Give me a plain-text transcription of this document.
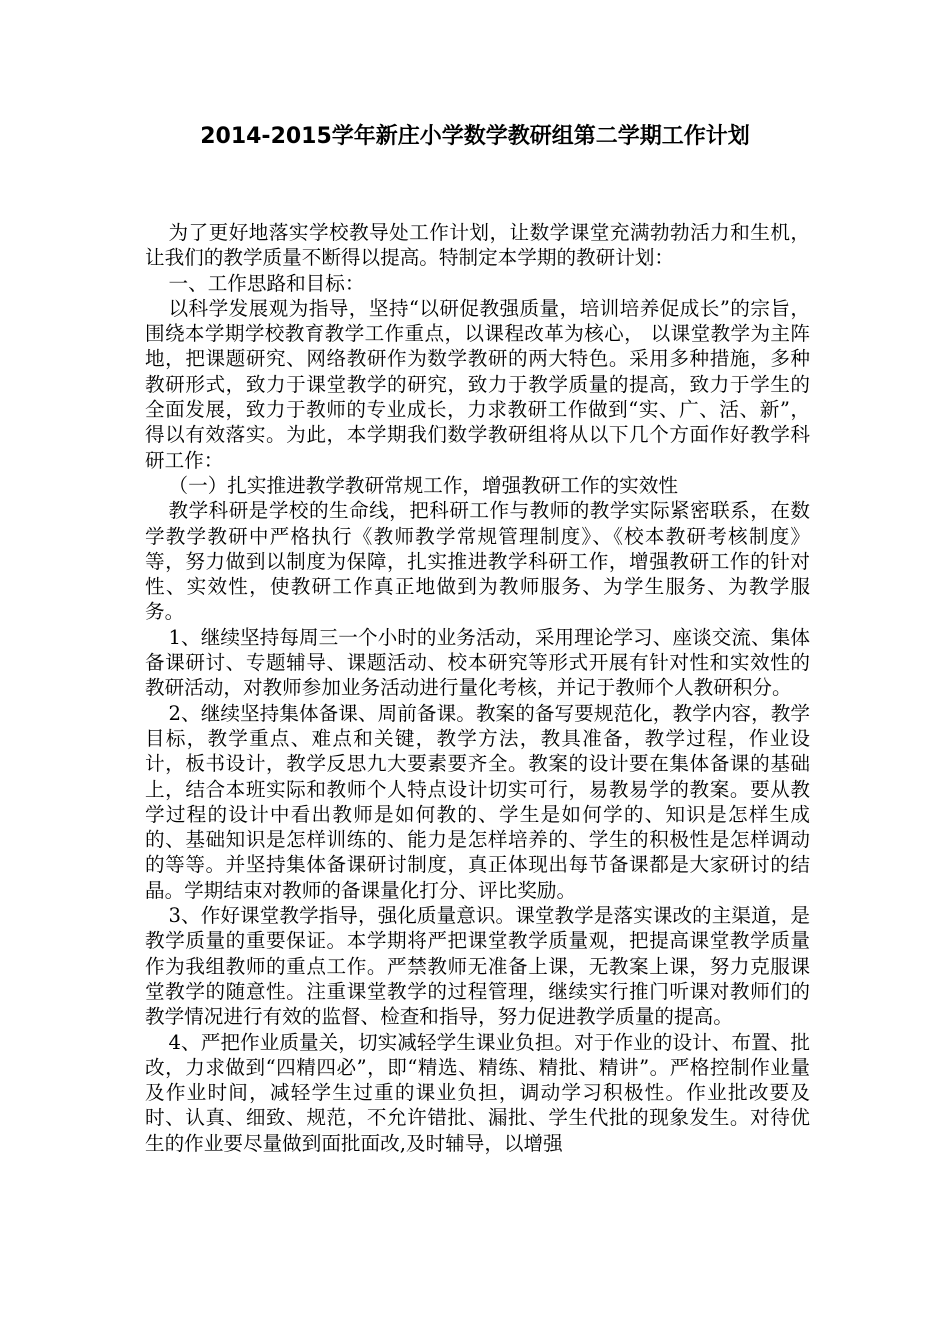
2014-2015学年新庄小学数学教研组第二学期工作计划

为了更好地落实学校教导处工作计划，让数学课堂充满勃勃活力和生机，让我们的教学质量不断得以提高。特制定本学期的教研计划：

一、工作思路和目标：

以科学发展观为指导，坚持“以研促教强质量，培训培养促成长”的宗旨，围绕本学期学校教育教学工作重点，以课程改革为核心， 以课堂教学为主阵地，把课题研究、网络教研作为数学教研的两大特色。采用多种措施，多种教研形式，致力于课堂教学的研究，致力于教学质量的提高，致力于学生的全面发展，致力于教师的专业成长，力求教研工作做到“实、广、活、新”，得以有效落实。为此，本学期我们数学教研组将从以下几个方面作好教学科研工作：

（一）扎实推进教学教研常规工作，增强教研工作的实效性

教学科研是学校的生命线，把科研工作与教师的教学实际紧密联系，在数学教学教研中严格执行《教师教学常规管理制度》、《校本教研考核制度》等，努力做到以制度为保障，扎实推进教学科研工作，增强教研工作的针对性、实效性，使教研工作真正地做到为教师服务、为学生服务、为教学服务。

1、继续坚持每周三一个小时的业务活动，采用理论学习、座谈交流、集体备课研讨、专题辅导、课题活动、校本研究等形式开展有针对性和实效性的教研活动，对教师参加业务活动进行量化考核，并记于教师个人教研积分。

2、继续坚持集体备课、周前备课。教案的备写要规范化，教学内容，教学目标，教学重点、难点和关键，教学方法，教具准备，教学过程，作业设计，板书设计，教学反思九大要素要齐全。教案的设计要在集体备课的基础上，结合本班实际和教师个人特点设计切实可行，易教易学的教案。要从教学过程的设计中看出教师是如何教的、学生是如何学的、知识是怎样生成的、基础知识是怎样训练的、能力是怎样培养的、学生的积极性是怎样调动的等等。并坚持集体备课研讨制度，真正体现出每节备课都是大家研讨的结晶。学期结束对教师的备课量化打分、评比奖励。

3、作好课堂教学指导，强化质量意识。课堂教学是落实课改的主渠道，是教学质量的重要保证。本学期将严把课堂教学质量观，把提高课堂教学质量作为我组教师的重点工作。严禁教师无准备上课，无教案上课，努力克服课堂教学的随意性。注重课堂教学的过程管理，继续实行推门听课对教师们的教学情况进行有效的监督、检查和指导，努力促进教学质量的提高。

4、严把作业质量关，切实减轻学生课业负担。对于作业的设计、布置、批改，力求做到“四精四必”，即“精选、精练、精批、精讲”。严格控制作业量及作业时间，减轻学生过重的课业负担，调动学习积极性。作业批改要及时、认真、细致、规范，不允许错批、漏批、学生代批的现象发生。对待优生的作业要尽量做到面批面改,及时辅导，以增强
